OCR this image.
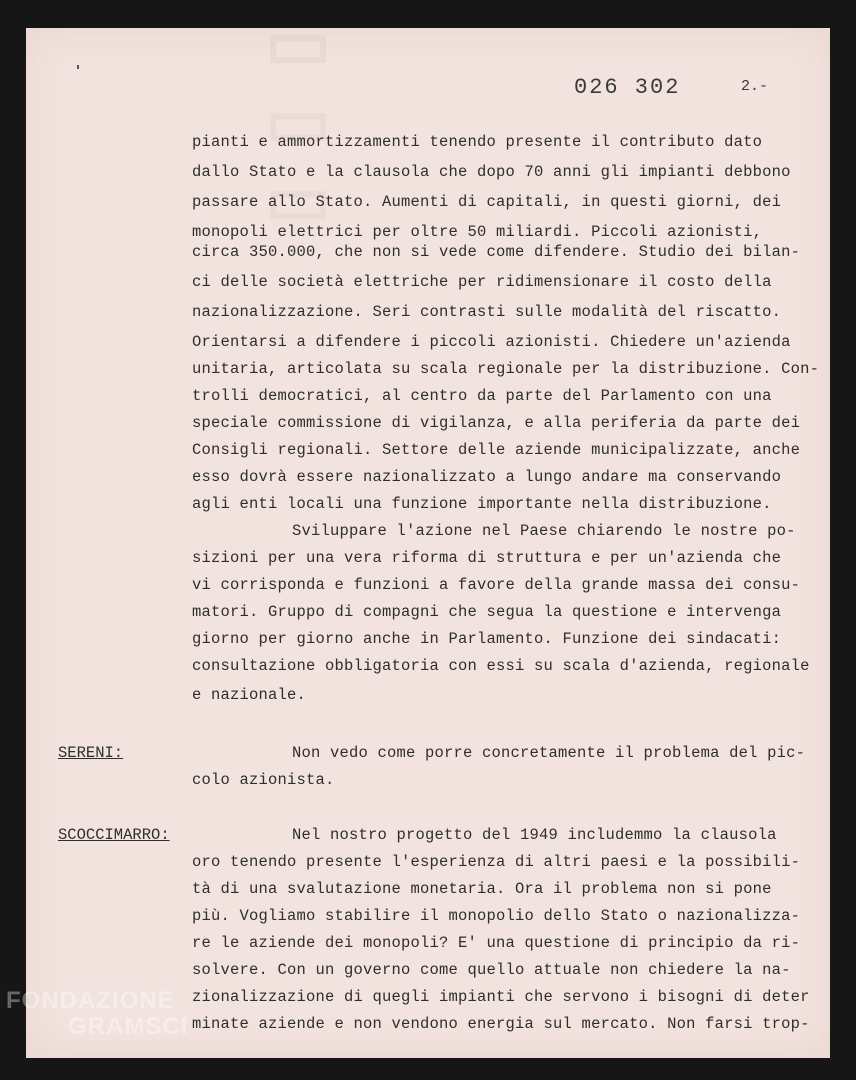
▯ ▯ ▯	026 302	2.-
pianti e ammortizzamenti tenendo presente il contributo dato
dallo Stato e la clausola che dopo 70 anni gli impianti debbono
passare allo Stato. Aumenti di capitali, in questi giorni, dei
monopoli elettrici per oltre 50 miliardi. Piccoli azionisti,
circa 350.000, che non si vede come difendere. Studio dei bilan-
ci delle società elettriche per ridimensionare il costo della
nazionalizzazione. Seri contrasti sulle modalità del riscatto.
Orientarsi a difendere i piccoli azionisti. Chiedere un'azienda
unitaria, articolata su scala regionale per la distribuzione. Con-
trolli democratici, al centro da parte del Parlamento con una
speciale commissione di vigilanza, e alla periferia da parte dei
Consigli regionali. Settore delle aziende municipalizzate, anche
esso dovrà essere nazionalizzato a lungo andare ma conservando
agli enti locali una funzione importante nella distribuzione.
Sviluppare l'azione nel Paese chiarendo le nostre po-
sizioni per una vera riforma di struttura e per un'azienda che
vi corrisponda e funzioni a favore della grande massa dei consu-
matori. Gruppo di compagni che segua la questione e intervenga
giorno per giorno anche in Parlamento. Funzione dei sindacati:
consultazione obbligatoria con essi su scala d'azienda, regionale
e nazionale.
SERENI:	Non vedo come porre concretamente il problema del pic-
colo azionista.
SCOCCIMARRO:	Nel nostro progetto del 1949 includemmo la clausola
oro tenendo presente l'esperienza di altri paesi e la possibili-
tà di una svalutazione monetaria. Ora il problema non si pone
più. Vogliamo stabilire il monopolio dello Stato o nazionalizza-
re le aziende dei monopoli? E' una questione di principio da ri-
solvere. Con un governo come quello attuale non chiedere la na-
zionalizzazione di quegli impianti che servono i bisogni di deter
minate aziende e non vendono energia sul mercato. Non farsi trop-
FONDAZIONE
GRAMSCI
